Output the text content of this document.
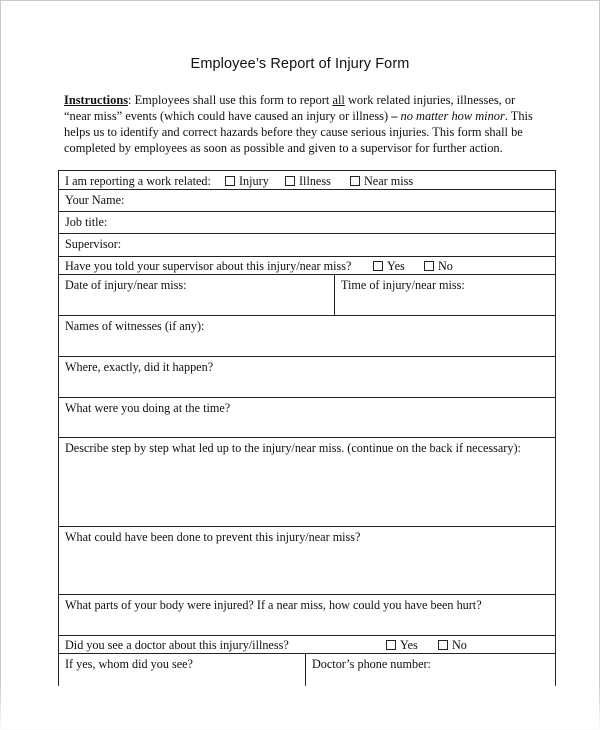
Employee’s Report of Injury Form
Instructions: Employees shall use this form to report all work related injuries, illnesses, or “near miss” events (which could have caused an injury or illness) – no matter how minor. This helps us to identify and correct hazards before they cause serious injuries. This form shall be completed by employees as soon as possible and given to a supervisor for further action.
I am reporting a work related:	Injury	Illness	Near miss
Your Name:
Job title:
Supervisor:
Have you told your supervisor about this injury/near miss?	Yes	No
Date of injury/near miss:	Time of injury/near miss:
Names of witnesses (if any):
Where, exactly, did it happen?
What were you doing at the time?
Describe step by step what led up to the injury/near miss. (continue on the back if necessary):
What could have been done to prevent this injury/near miss?
What parts of your body were injured? If a near miss, how could you have been hurt?
Did you see a doctor about this injury/illness?	Yes	No
If yes, whom did you see?	Doctor’s phone number:
